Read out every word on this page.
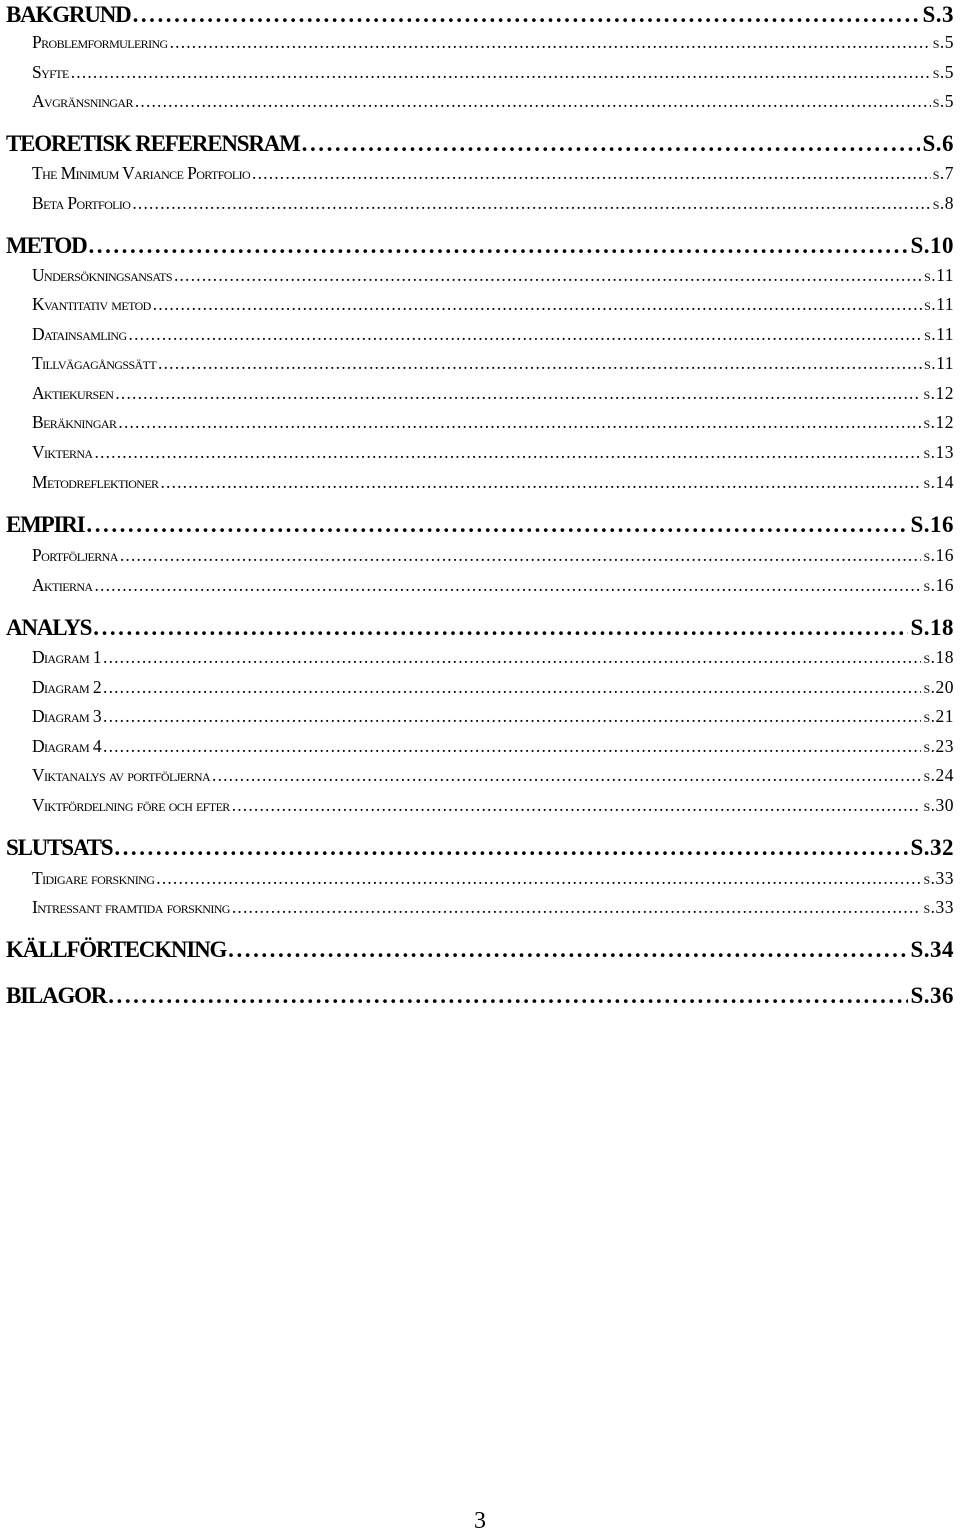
BAKGRUND . . .	S.3
Problemformulering . . .	s.5
Syfte . . .	s.5
Avgränsningar . . .	s.5
TEORETISK REFERENSRAM . . .	S.6
The Minimum Variance Portfolio . . .	s.7
Beta Portfolio . . .	s.8
METOD . . .	S.10
Undersökningsansats . . .	s.11
Kvantitativ metod . . .	s.11
Datainsamling . . .	s.11
Tillvägagångssätt . . .	s.11
Aktiekursen . . .	s.12
Beräkningar . . .	s.12
Vikterna . . .	s.13
Metodreflektioner . . .	s.14
EMPIRI . . .	S.16
Portföljerna . . .	s.16
Aktierna . . .	s.16
ANALYS . . .	S.18
Diagram 1 . . .	s.18
Diagram 2 . . .	s.20
Diagram 3 . . .	s.21
Diagram 4 . . .	s.23
Viktanalys av portföljerna . . .	s.24
Viktfördelning före och efter . . .	s.30
SLUTSATS . . .	S.32
Tidigare forskning . . .	s.33
Intressant framtida forskning . . .	s.33
KÄLLFÖRTECKNING . . .	S.34
BILAGOR . . .	S.36
3
